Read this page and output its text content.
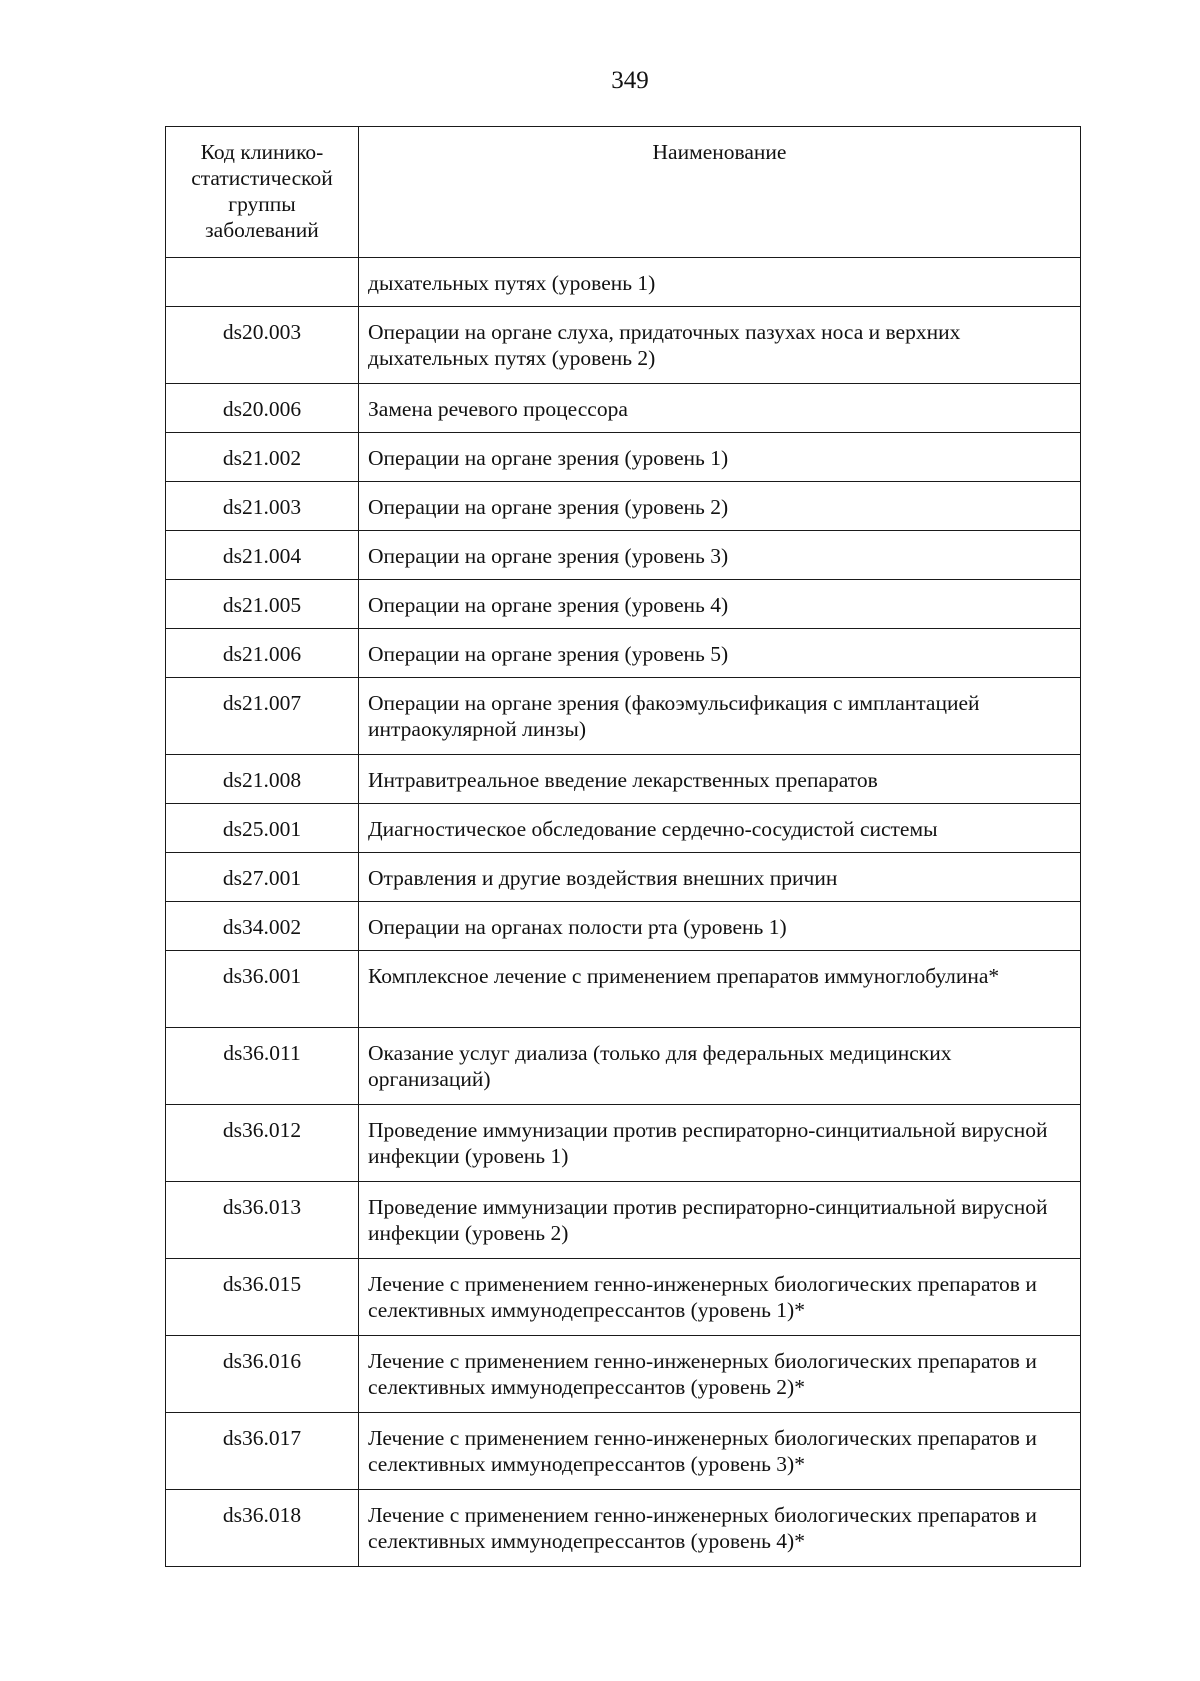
349
Код клинико-статистической группы заболеваний	Наименование
	дыхательных путях (уровень 1)
ds20.003	Операции на органе слуха, придаточных пазухах носа и верхних дыхательных путях (уровень 2)
ds20.006	Замена речевого процессора
ds21.002	Операции на органе зрения (уровень 1)
ds21.003	Операции на органе зрения (уровень 2)
ds21.004	Операции на органе зрения (уровень 3)
ds21.005	Операции на органе зрения (уровень 4)
ds21.006	Операции на органе зрения (уровень 5)
ds21.007	Операции на органе зрения (факоэмульсификация с имплантацией интраокулярной линзы)
ds21.008	Интравитреальное введение лекарственных препаратов
ds25.001	Диагностическое обследование сердечно-сосудистой системы
ds27.001	Отравления и другие воздействия внешних причин
ds34.002	Операции на органах полости рта (уровень 1)
ds36.001	Комплексное лечение с применением препаратов иммуноглобулина*
ds36.011	Оказание услуг диализа (только для федеральных медицинских организаций)
ds36.012	Проведение иммунизации против респираторно-синцитиальной вирусной инфекции (уровень 1)
ds36.013	Проведение иммунизации против респираторно-синцитиальной вирусной инфекции (уровень 2)
ds36.015	Лечение с применением генно-инженерных биологических препаратов и селективных иммунодепрессантов (уровень 1)*
ds36.016	Лечение с применением генно-инженерных биологических препаратов и селективных иммунодепрессантов (уровень 2)*
ds36.017	Лечение с применением генно-инженерных биологических препаратов и селективных иммунодепрессантов (уровень 3)*
ds36.018	Лечение с применением генно-инженерных биологических препаратов и селективных иммунодепрессантов (уровень 4)*
